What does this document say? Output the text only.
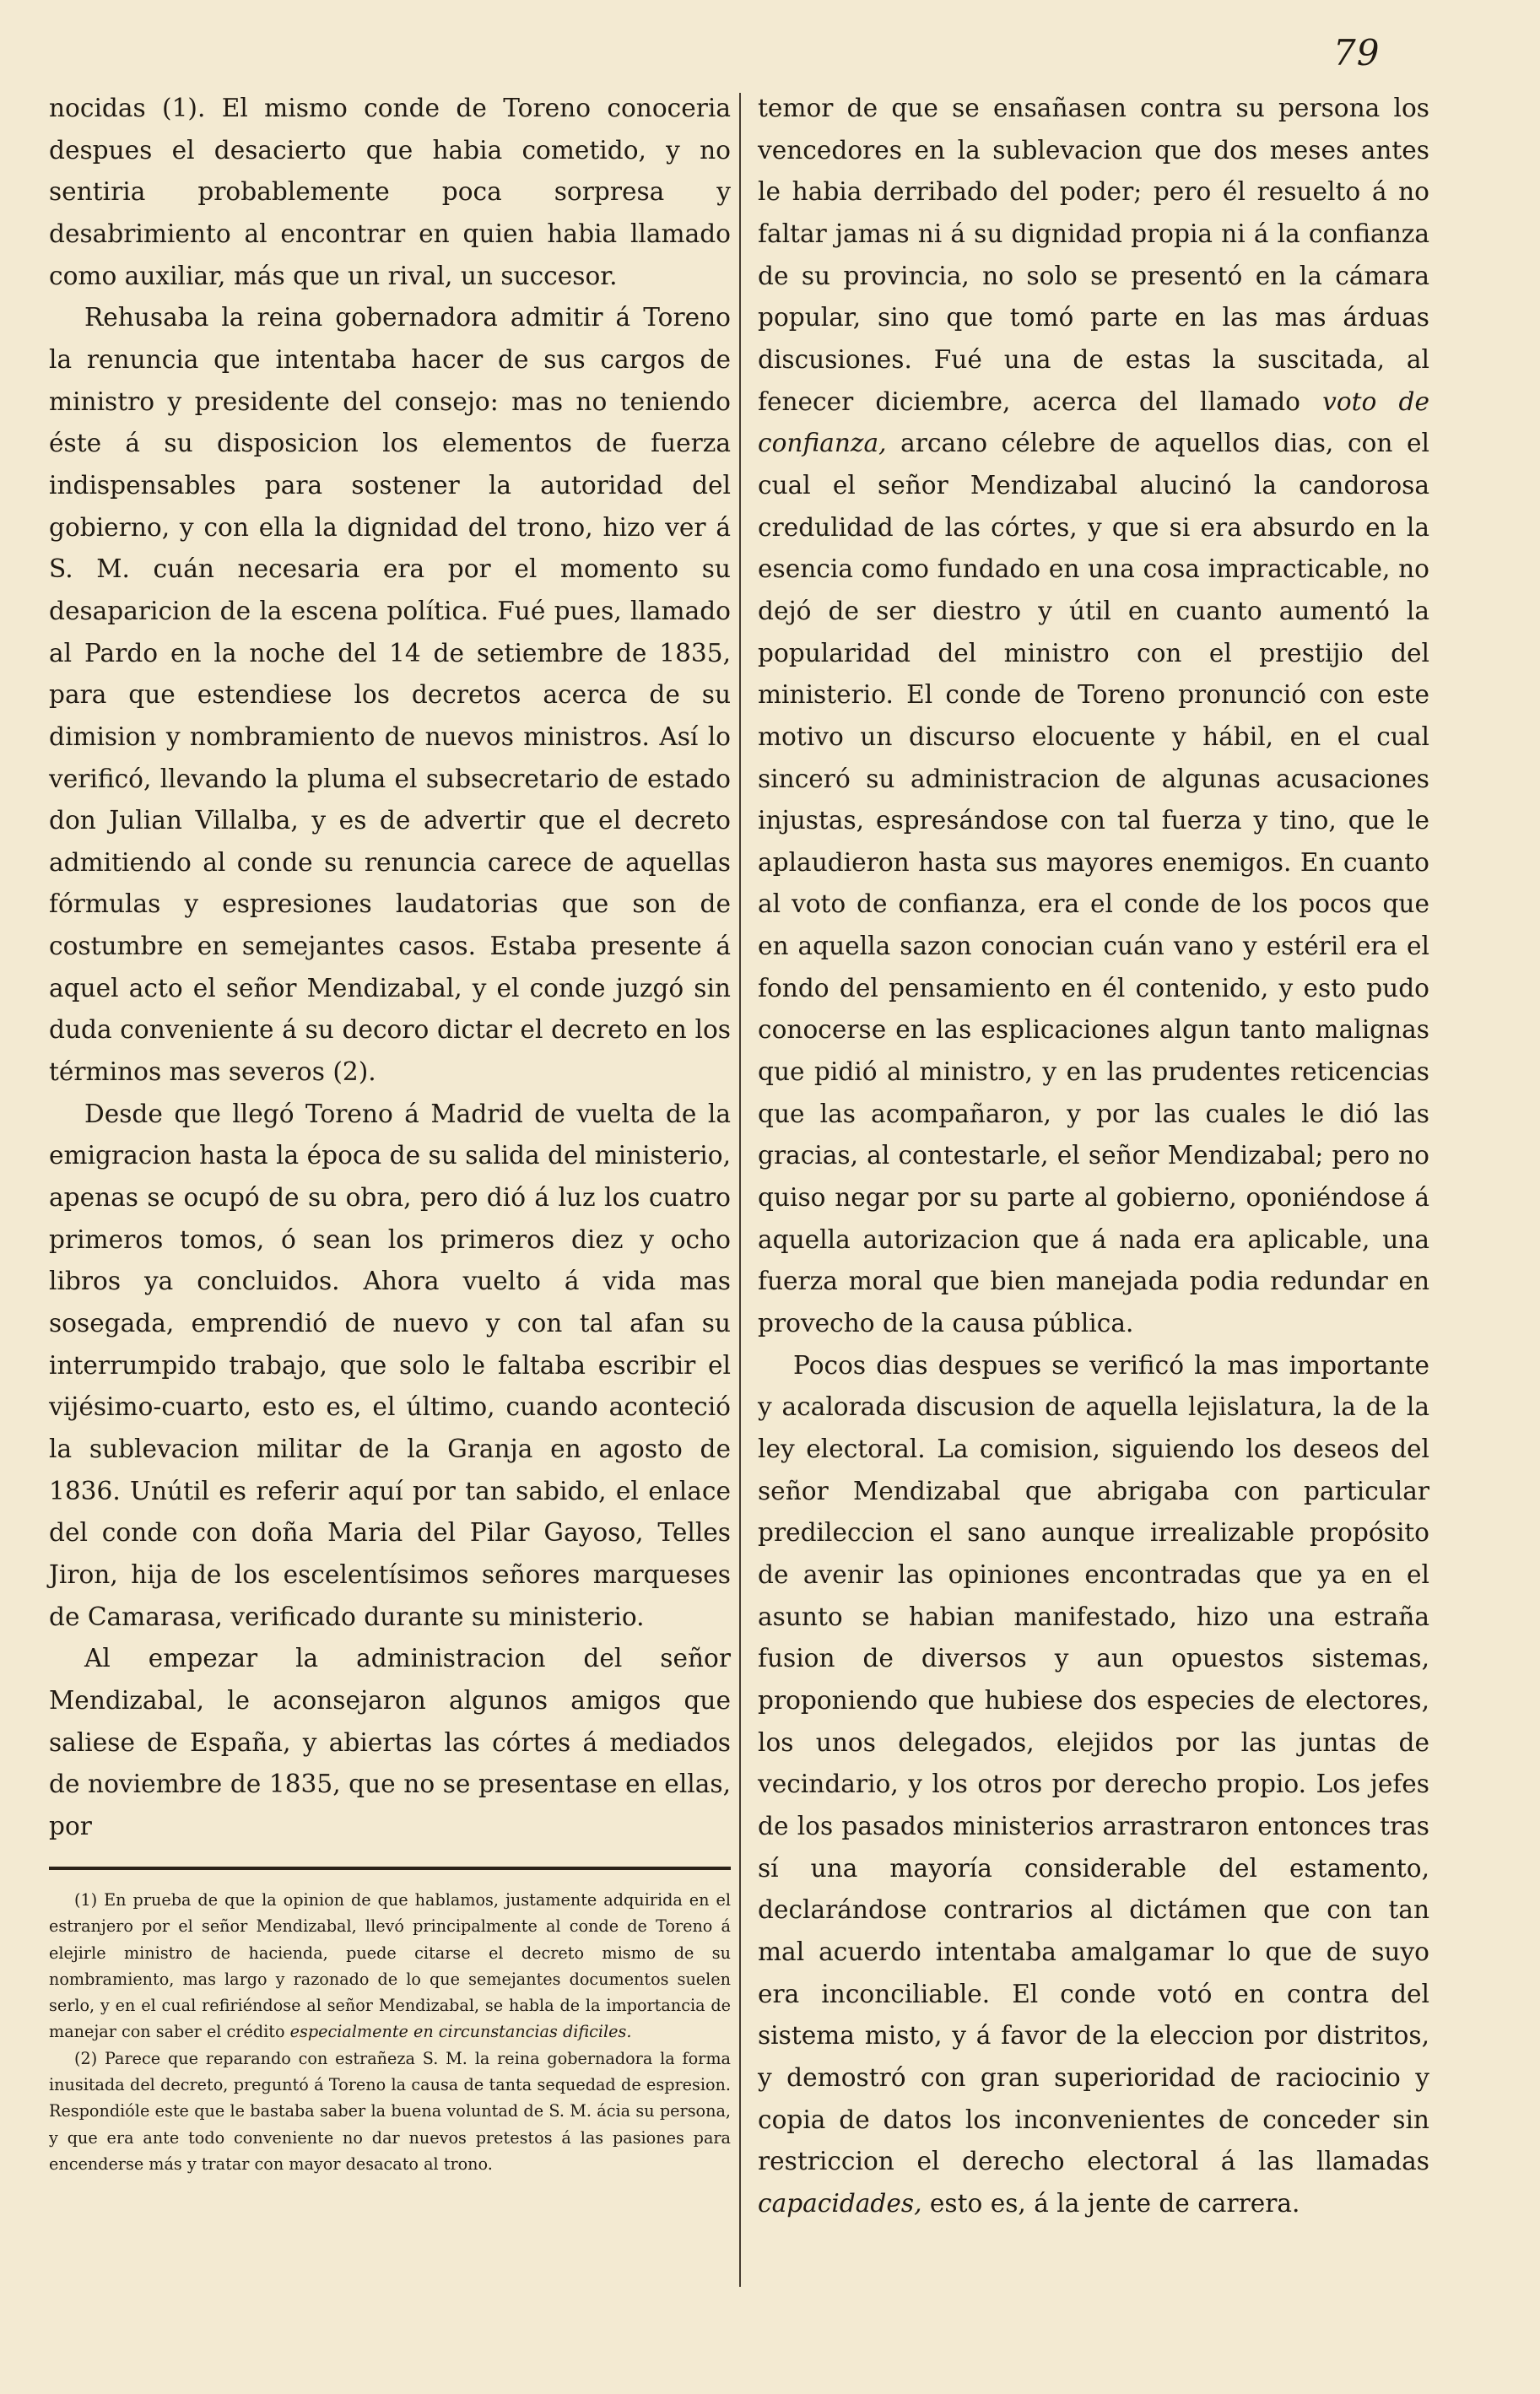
79

nocidas (1). El mismo conde de Toreno conoceria despues el desacierto que habia cometido, y no sentiria probablemente poca sorpresa y desabrimiento al encontrar en quien habia llamado como auxiliar, más que un rival, un succesor.

Rehusaba la reina gobernadora admitir á Toreno la renuncia que intentaba hacer de sus cargos de ministro y presidente del consejo: mas no teniendo éste á su disposicion los elementos de fuerza indispensables para sostener la autoridad del gobierno, y con ella la dignidad del trono, hizo ver á S. M. cuán necesaria era por el momento su desaparicion de la escena política. Fué pues, llamado al Pardo en la noche del 14 de setiembre de 1835, para que estendiese los decretos acerca de su dimision y nombramiento de nuevos ministros. Así lo verificó, llevando la pluma el subsecretario de estado don Julian Villalba, y es de advertir que el decreto admitiendo al conde su renuncia carece de aquellas fórmulas y espresiones laudatorias que son de costumbre en semejantes casos. Estaba presente á aquel acto el señor Mendizabal, y el conde juzgó sin duda conveniente á su decoro dictar el decreto en los términos mas severos (2).

Desde que llegó Toreno á Madrid de vuelta de la emigracion hasta la época de su salida del ministerio, apenas se ocupó de su obra, pero dió á luz los cuatro primeros tomos, ó sean los primeros diez y ocho libros ya concluidos. Ahora vuelto á vida mas sosegada, emprendió de nuevo y con tal afan su interrumpido trabajo, que solo le faltaba escribir el vijésimo-cuarto, esto es, el último, cuando aconteció la sublevacion militar de la Granja en agosto de 1836. Unútil es referir aquí por tan sabido, el enlace del conde con doña Maria del Pilar Gayoso, Telles Jiron, hija de los escelentísimos señores marqueses de Camarasa, verificado durante su ministerio.

Al empezar la administracion del señor Mendizabal, le aconsejaron algunos amigos que saliese de España, y abiertas las córtes á mediados de noviembre de 1835, que no se presentase en ellas, por

temor de que se ensañasen contra su persona los vencedores en la sublevacion que dos meses antes le habia derribado del poder; pero él resuelto á no faltar jamas ni á su dignidad propia ni á la confianza de su provincia, no solo se presentó en la cámara popular, sino que tomó parte en las mas árduas discusiones. Fué una de estas la suscitada, al fenecer diciembre, acerca del llamado voto de confianza, arcano célebre de aquellos dias, con el cual el señor Mendizabal alucinó la candorosa credulidad de las córtes, y que si era absurdo en la esencia como fundado en una cosa impracticable, no dejó de ser diestro y útil en cuanto aumentó la popularidad del ministro con el prestijio del ministerio. El conde de Toreno pronunció con este motivo un discurso elocuente y hábil, en el cual sinceró su administracion de algunas acusaciones injustas, espresándose con tal fuerza y tino, que le aplaudieron hasta sus mayores enemigos. En cuanto al voto de confianza, era el conde de los pocos que en aquella sazon conocian cuán vano y estéril era el fondo del pensamiento en él contenido, y esto pudo conocerse en las esplicaciones algun tanto malignas que pidió al ministro, y en las prudentes reticencias que las acompañaron, y por las cuales le dió las gracias, al contestarle, el señor Mendizabal; pero no quiso negar por su parte al gobierno, oponiéndose á aquella autorizacion que á nada era aplicable, una fuerza moral que bien manejada podia redundar en provecho de la causa pública.

Pocos dias despues se verificó la mas importante y acalorada discusion de aquella lejislatura, la de la ley electoral. La comision, siguiendo los deseos del señor Mendizabal que abrigaba con particular predileccion el sano aunque irrealizable propósito de avenir las opiniones encontradas que ya en el asunto se habian manifestado, hizo una estraña fusion de diversos y aun opuestos sistemas, proponiendo que hubiese dos especies de electores, los unos delegados, elejidos por las juntas de vecindario, y los otros por derecho propio. Los jefes de los pasados ministerios arrastraron entonces tras sí una mayoría considerable del estamento, declarándose contrarios al dictámen que con tan mal acuerdo intentaba amalgamar lo que de suyo era inconciliable. El conde votó en contra del sistema misto, y á favor de la eleccion por distritos, y demostró con gran superioridad de raciocinio y copia de datos los inconvenientes de conceder sin restriccion el derecho electoral á las llamadas capacidades, esto es, á la jente de carrera.

(1) En prueba de que la opinion de que hablamos, justamente adquirida en el estranjero por el señor Mendizabal, llevó principalmente al conde de Toreno á elejirle ministro de hacienda, puede citarse el decreto mismo de su nombramiento, mas largo y razonado de lo que semejantes documentos suelen serlo, y en el cual refiriéndose al señor Mendizabal, se habla de la importancia de manejar con saber el crédito especialmente en circunstancias dificiles.

(2) Parece que reparando con estrañeza S. M. la reina gobernadora la forma inusitada del decreto, preguntó á Toreno la causa de tanta sequedad de espresion. Respondióle este que le bastaba saber la buena voluntad de S. M. ácia su persona, y que era ante todo conveniente no dar nuevos pretestos á las pasiones para encenderse más y tratar con mayor desacato al trono.
